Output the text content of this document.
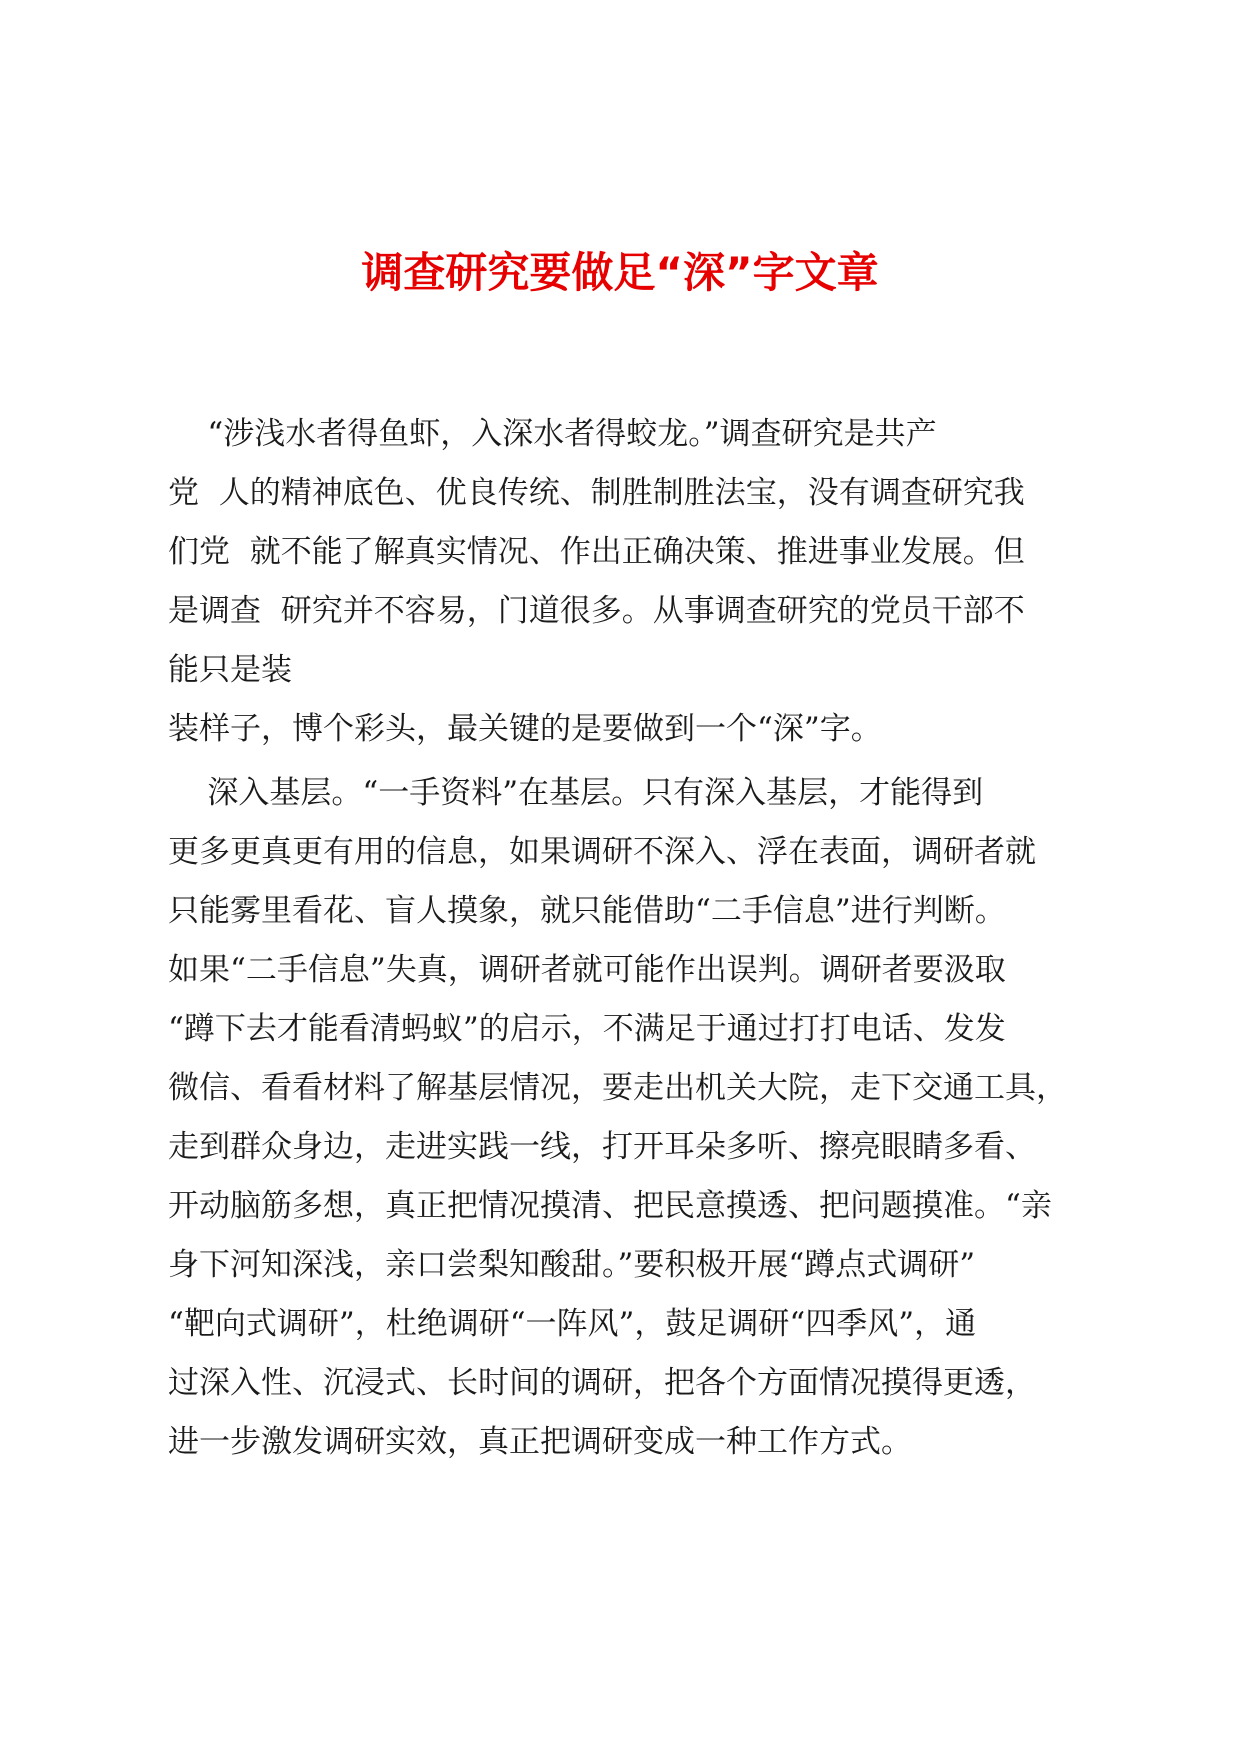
调查研究要做足“深”字文章
“涉浅水者得鱼虾，入深水者得蛟龙。”调查研究是共产
党  人的精神底色、优良传统、制胜制胜法宝，没有调查研究我
们党  就不能了解真实情况、作出正确决策、推进事业发展。但
是调查  研究并不容易，门道很多。从事调查研究的党员干部不
能只是装
装样子，博个彩头，最关键的是要做到一个“深”字。
深入基层。“一手资料”在基层。只有深入基层，才能得到
更多更真更有用的信息，如果调研不深入、浮在表面，调研者就
只能雾里看花、盲人摸象，就只能借助“二手信息”进行判断。
如果“二手信息”失真，调研者就可能作出误判。调研者要汲取
“蹲下去才能看清蚂蚁”的启示，不满足于通过打打电话、发发
微信、看看材料了解基层情况，要走出机关大院，走下交通工具，
走到群众身边，走进实践一线，打开耳朵多听、擦亮眼睛多看、
开动脑筋多想，真正把情况摸清、把民意摸透、把问题摸准。“亲
身下河知深浅，亲口尝梨知酸甜。”要积极开展“蹲点式调研”
“靶向式调研”，杜绝调研“一阵风”，鼓足调研“四季风”，通
过深入性、沉浸式、长时间的调研，把各个方面情况摸得更透，
进一步激发调研实效，真正把调研变成一种工作方式。
